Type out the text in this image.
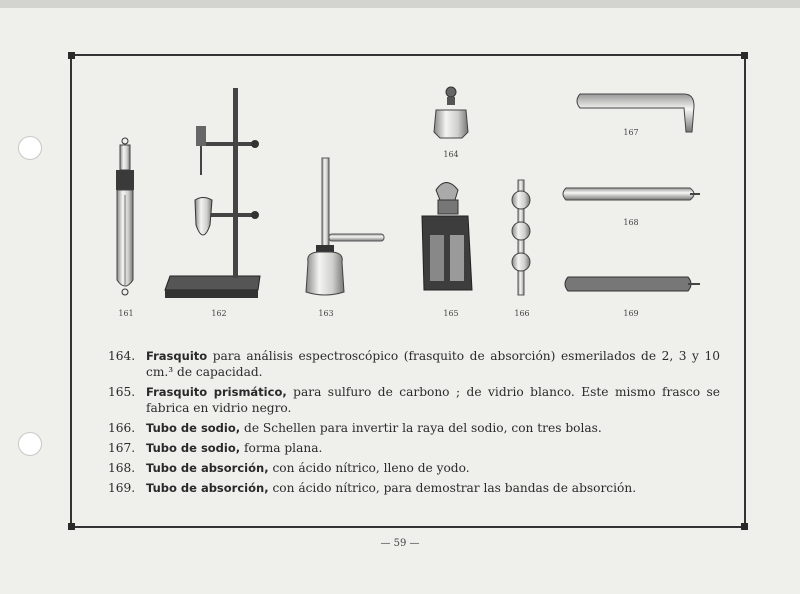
161	162	163
164
165	166
167
168
169
164. Frasquito para análisis espectroscópico (frasquito de absorción) esmerilados de 2, 3 y 10 cm.³ de capacidad.
165. Frasquito prismático, para sulfuro de carbono ; de vidrio blanco. Este mismo frasco se fabrica en vidrio negro.
166. Tubo de sodio, de Schellen para invertir la raya del sodio, con tres bolas.
167. Tubo de sodio, forma plana.
168. Tubo de absorción, con ácido nítrico, lleno de yodo.
169. Tubo de absorción, con ácido nítrico, para demostrar las bandas de absorción.
— 59 —
